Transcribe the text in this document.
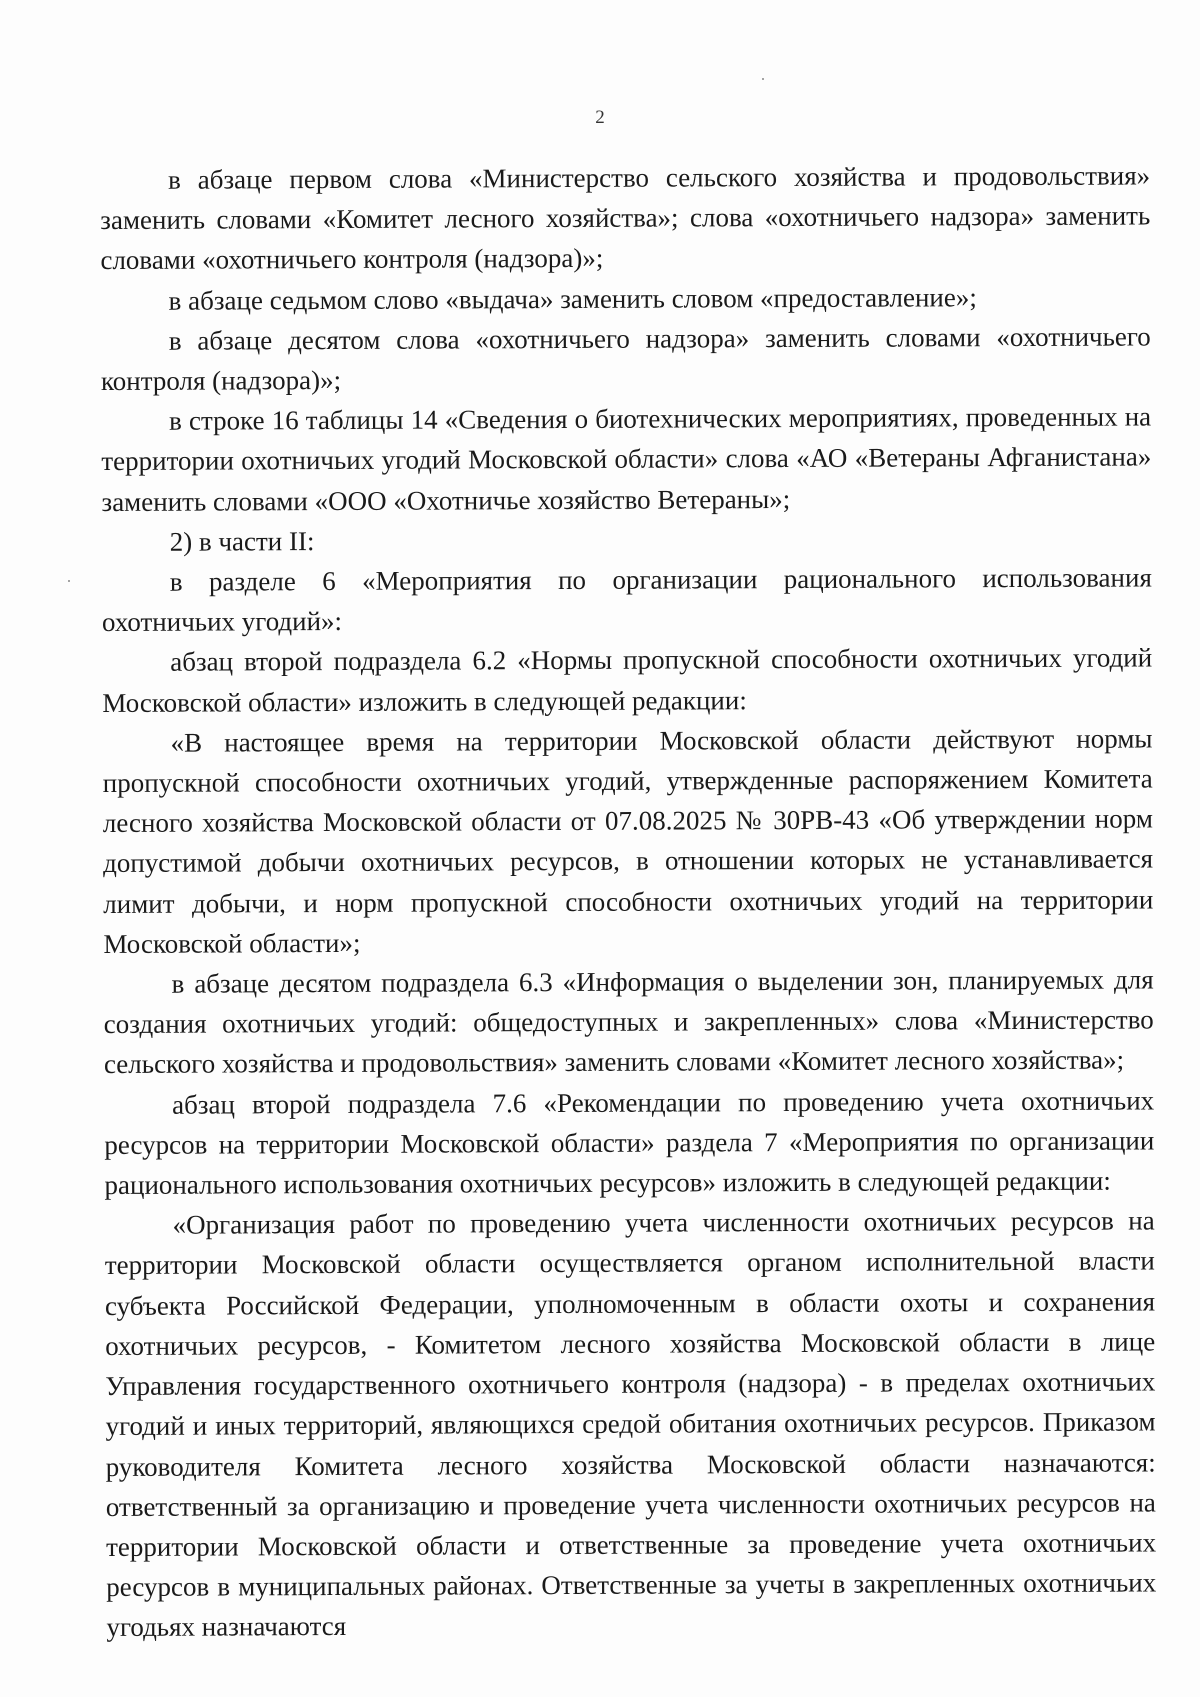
2

в абзаце первом слова «Министерство сельского хозяйства и продовольствия» заменить словами «Комитет лесного хозяйства»; слова «охотничьего надзора» заменить словами «охотничьего контроля (надзора)»;

в абзаце седьмом слово «выдача» заменить словом «предоставление»;

в абзаце десятом слова «охотничьего надзора» заменить словами «охотничьего контроля (надзора)»;

в строке 16 таблицы 14 «Сведения о биотехнических мероприятиях, проведенных на территории охотничьих угодий Московской области» слова «АО «Ветераны Афганистана» заменить словами «ООО «Охотничье хозяйство Ветераны»;

2) в части II:

в разделе 6 «Мероприятия по организации рационального использования охотничьих угодий»:

абзац второй подраздела 6.2 «Нормы пропускной способности охотничьих угодий Московской области» изложить в следующей редакции:

«В настоящее время на территории Московской области действуют нормы пропускной способности охотничьих угодий, утвержденные распоряжением Комитета лесного хозяйства Московской области от 07.08.2025 № 30РВ-43 «Об утверждении норм допустимой добычи охотничьих ресурсов, в отношении которых не устанавливается лимит добычи, и норм пропускной способности охотничьих угодий на территории Московской области»;

в абзаце десятом подраздела 6.3 «Информация о выделении зон, планируемых для создания охотничьих угодий: общедоступных и закрепленных» слова «Министерство сельского хозяйства и продовольствия» заменить словами «Комитет лесного хозяйства»;

абзац второй подраздела 7.6 «Рекомендации по проведению учета охотничьих ресурсов на территории Московской области» раздела 7 «Мероприятия по организации рационального использования охотничьих ресурсов» изложить в следующей редакции:

«Организация работ по проведению учета численности охотничьих ресурсов на территории Московской области осуществляется органом исполнительной власти субъекта Российской Федерации, уполномоченным в области охоты и сохранения охотничьих ресурсов, - Комитетом лесного хозяйства Московской области в лице Управления государственного охотничьего контроля (надзора) - в пределах охотничьих угодий и иных территорий, являющихся средой обитания охотничьих ресурсов. Приказом руководителя Комитета лесного хозяйства Московской области назначаются: ответственный за организацию и проведение учета численности охотничьих ресурсов на территории Московской области и ответственные за проведение учета охотничьих ресурсов в муниципальных районах. Ответственные за учеты в закрепленных охотничьих угодьях назначаются
